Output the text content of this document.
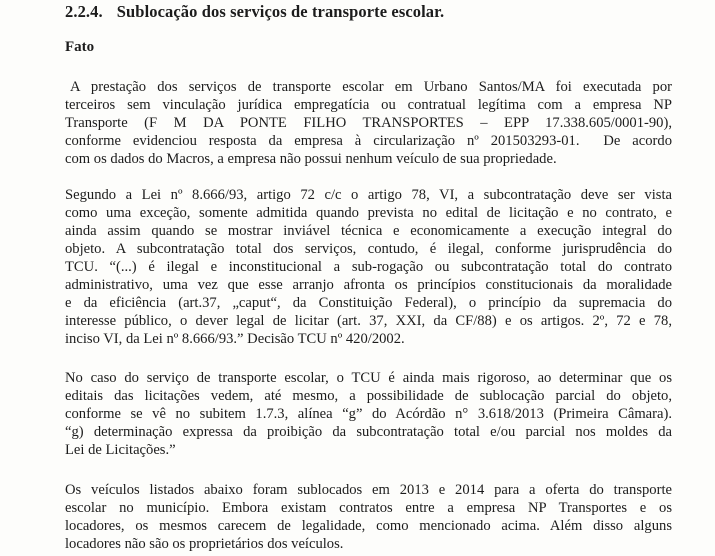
2.2.4. Sublocação dos serviços de transporte escolar.
Fato
A prestação dos serviços de transporte escolar em Urbano Santos/MA foi executada por
terceiros sem vinculação jurídica empregatícia ou contratual legítima com a empresa NP
Transporte (F M DA PONTE FILHO TRANSPORTES – EPP 17.338.605/0001-90),
conforme evidenciou resposta da empresa à circularização nº 201503293-01.  De acordo
com os dados do Macros, a empresa não possui nenhum veículo de sua propriedade.
Segundo a Lei nº 8.666/93, artigo 72 c/c o artigo 78, VI, a subcontratação deve ser vista
como uma exceção, somente admitida quando prevista no edital de licitação e no contrato, e
ainda assim quando se mostrar inviável técnica e economicamente a execução integral do
objeto. A subcontratação total dos serviços, contudo, é ilegal, conforme jurisprudência do
TCU. “(...) é ilegal e inconstitucional a sub-rogação ou subcontratação total do contrato
administrativo, uma vez que esse arranjo afronta os princípios constitucionais da moralidade
e da eficiência (art.37, „caput“, da Constituição Federal), o princípio da supremacia do
interesse público, o dever legal de licitar (art. 37, XXI, da CF/88) e os artigos. 2º, 72 e 78,
inciso VI, da Lei nº 8.666/93.” Decisão TCU nº 420/2002.
No caso do serviço de transporte escolar, o TCU é ainda mais rigoroso, ao determinar que os
editais das licitações vedem, até mesmo, a possibilidade de sublocação parcial do objeto,
conforme se vê no subitem 1.7.3, alínea “g” do Acórdão n° 3.618/2013 (Primeira Câmara).
“g) determinação expressa da proibição da subcontratação total e/ou parcial nos moldes da
Lei de Licitações.”
Os veículos listados abaixo foram sublocados em 2013 e 2014 para a oferta do transporte
escolar no município. Embora existam contratos entre a empresa NP Transportes e os
locadores, os mesmos carecem de legalidade, como mencionado acima. Além disso alguns
locadores não são os proprietários dos veículos.
